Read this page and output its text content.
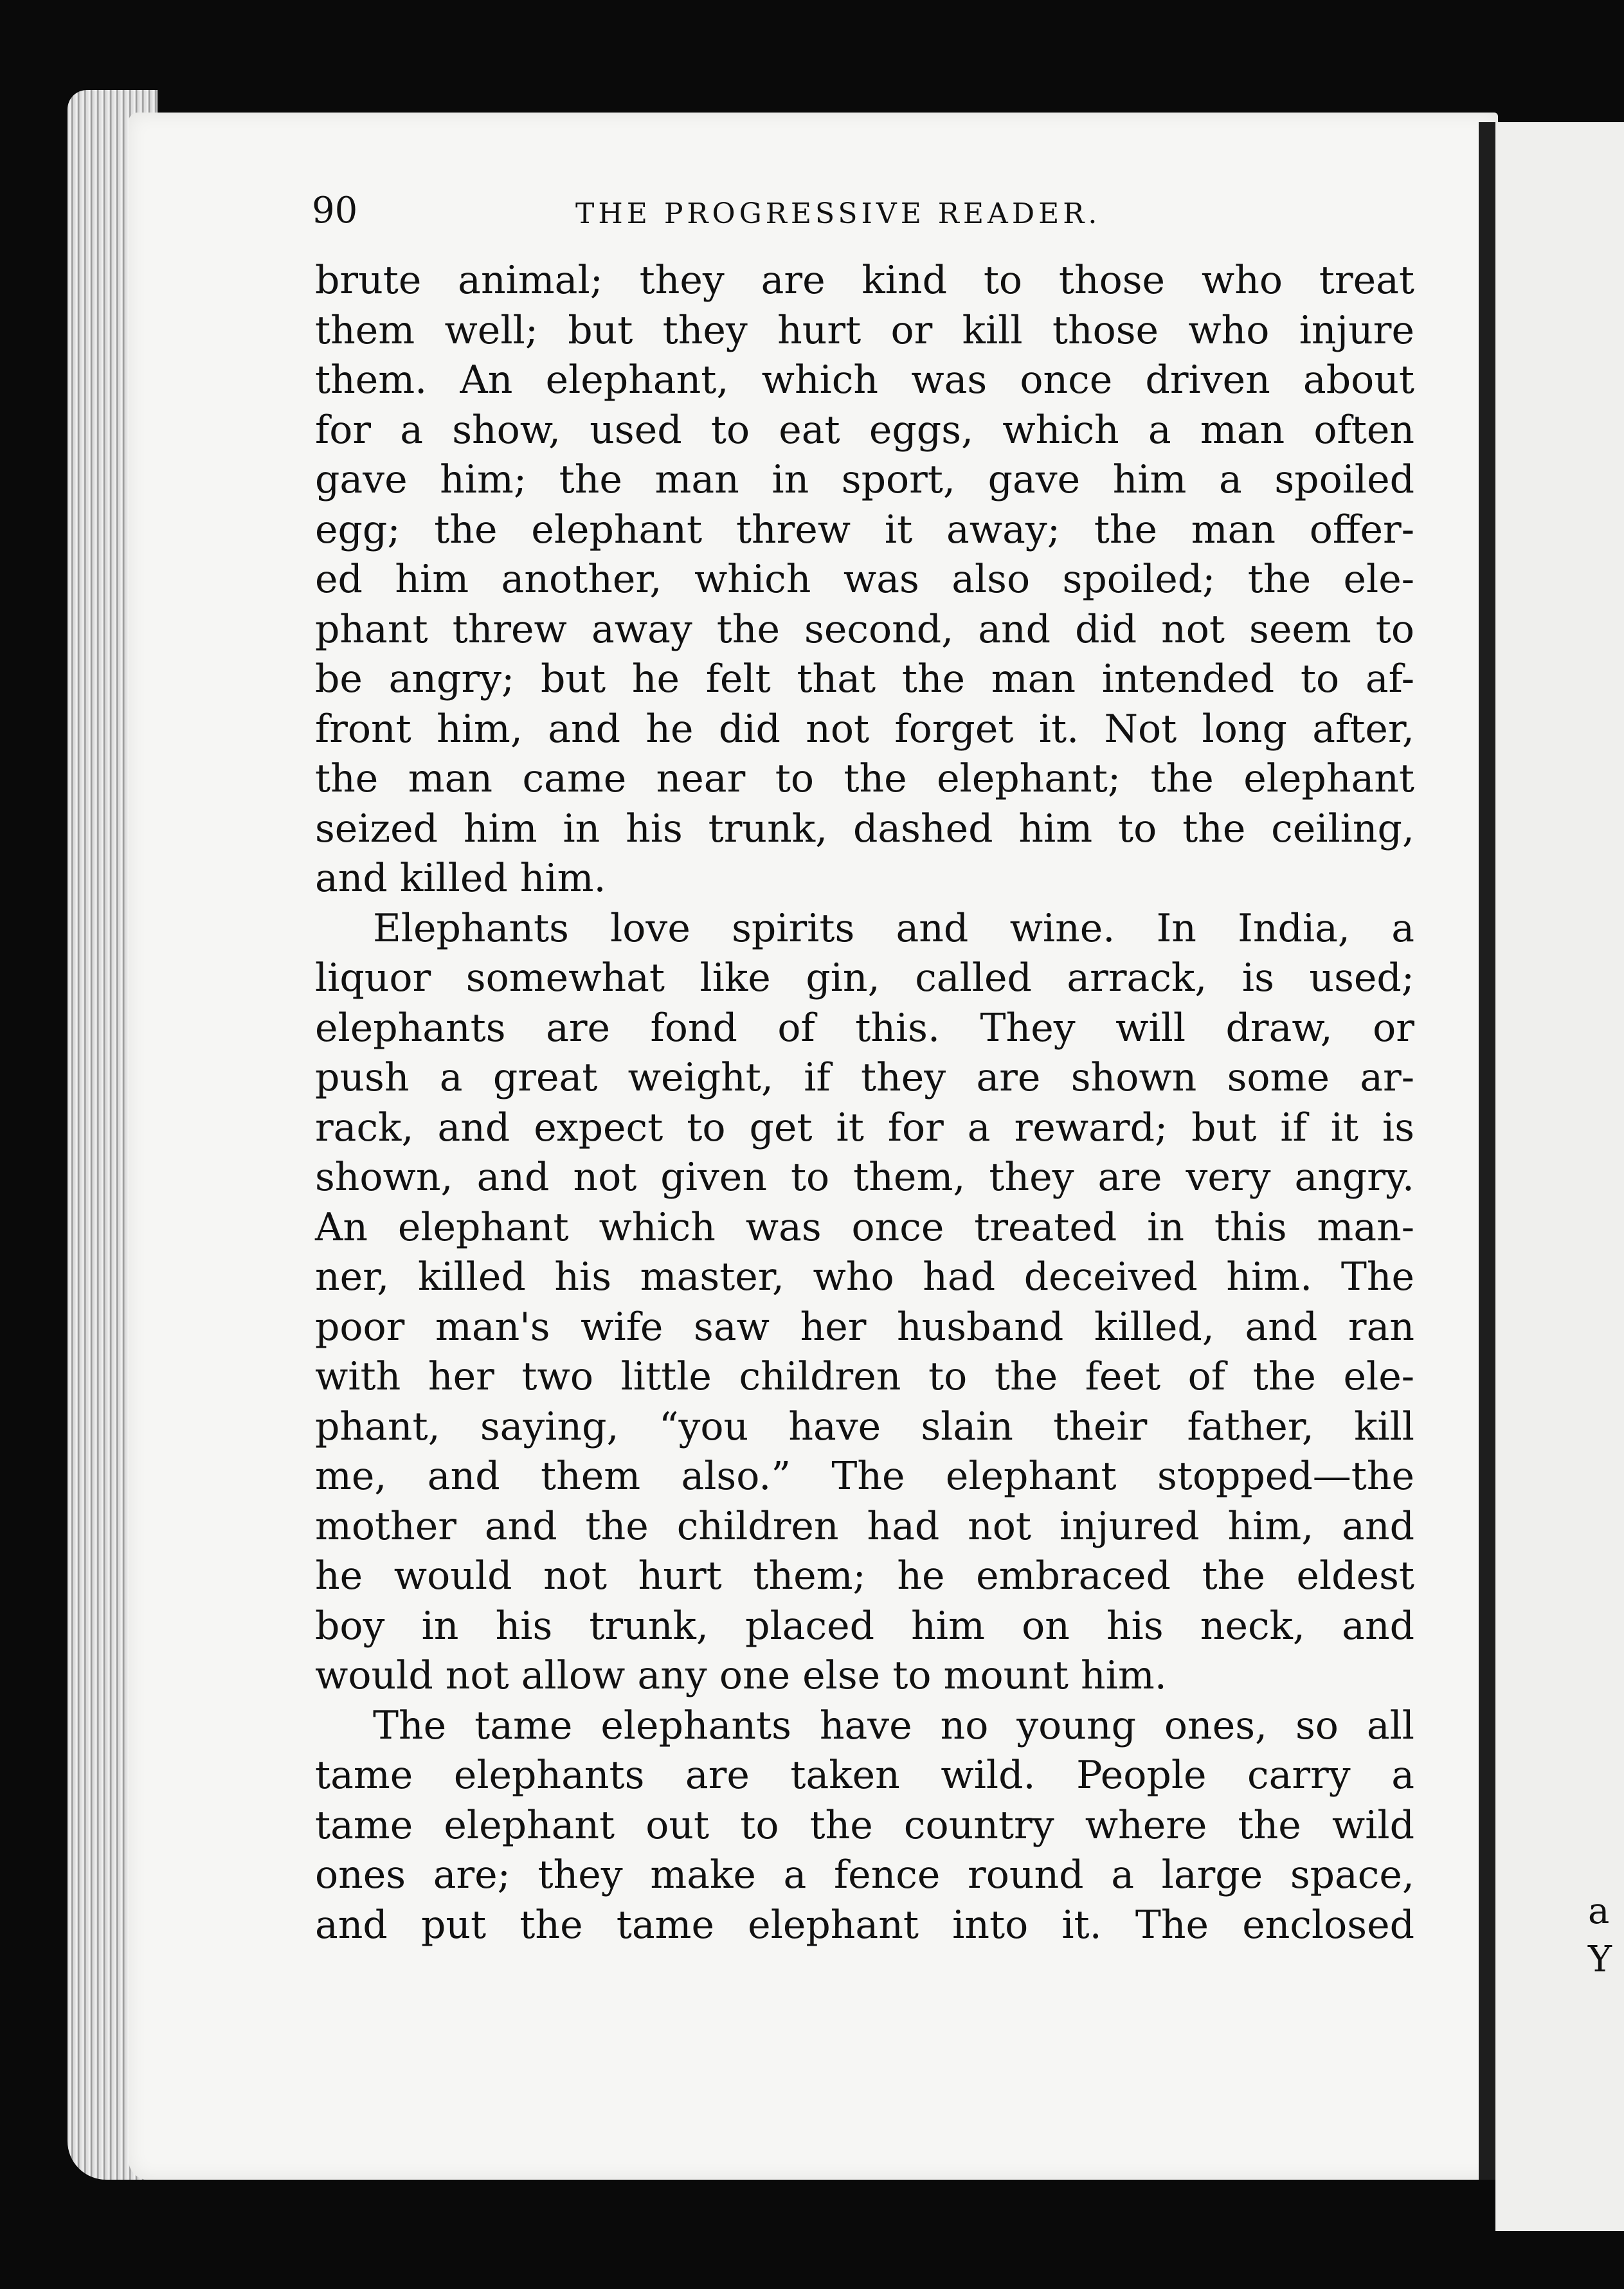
a
Y
90	THE PROGRESSIVE READER.
brute animal; they are kind to those who treat
them well; but they hurt or kill those who injure
them. An elephant, which was once driven about
for a show, used to eat eggs, which a man often
gave him; the man in sport, gave him a spoiled
egg; the elephant threw it away; the man offer-
ed him another, which was also spoiled; the ele-
phant threw away the second, and did not seem to
be angry; but he felt that the man intended to af-
front him, and he did not forget it. Not long after,
the man came near to the elephant; the elephant
seized him in his trunk, dashed him to the ceiling,
and killed him.
Elephants love spirits and wine. In India, a
liquor somewhat like gin, called arrack, is used;
elephants are fond of this. They will draw, or
push a great weight, if they are shown some ar-
rack, and expect to get it for a reward; but if it is
shown, and not given to them, they are very angry.
An elephant which was once treated in this man-
ner, killed his master, who had deceived him. The
poor man's wife saw her husband killed, and ran
with her two little children to the feet of the ele-
phant, saying, “you have slain their father, kill
me, and them also.” The elephant stopped—the
mother and the children had not injured him, and
he would not hurt them; he embraced the eldest
boy in his trunk, placed him on his neck, and
would not allow any one else to mount him.
The tame elephants have no young ones, so all
tame elephants are taken wild. People carry a
tame elephant out to the country where the wild
ones are; they make a fence round a large space,
and put the tame elephant into it. The enclosed
